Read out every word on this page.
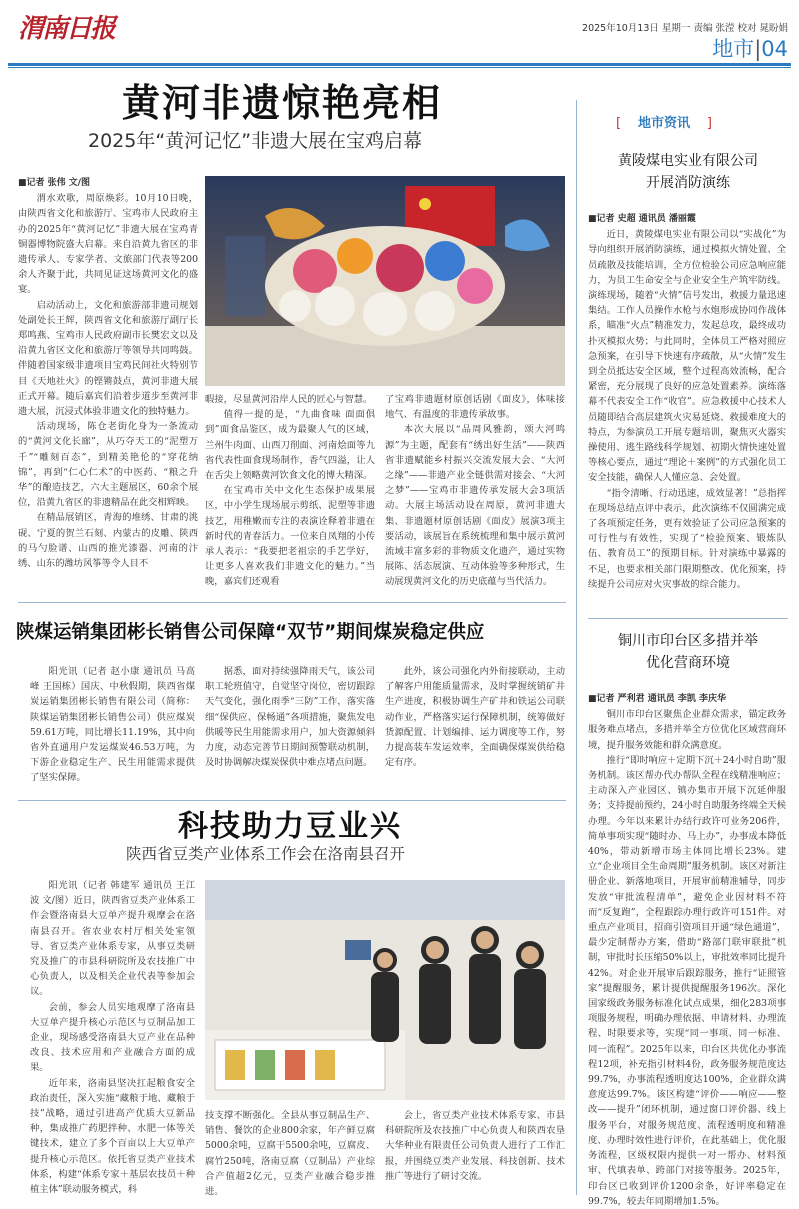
渭南日报	2025年10月13日 星期一 责编 张滢 校对 晁盼娟
地市|04
黄河非遗惊艳亮相
2025年“黄河记忆”非遗大展在宝鸡启幕

■记者 张伟 文/图

渭水欢歌，周原焕彩。10月10日晚，由陕西省文化和旅游厅、宝鸡市人民政府主办的2025年“黄河记忆”非遗大展在宝鸡青铜器博物院盛大启幕。来自沿黄九省区的非遗传承人、专家学者、文旅部门代表等200余人齐聚于此，共同见证这场黄河文化的盛宴。

启动活动上，文化和旅游部非遗司规划处副处长王辉，陕西省文化和旅游厅副厅长郑鸣燕、宝鸡市人民政府副市长樊宏文以及沿黄九省区文化和旅游厅等领导共同鸣鼓。伴随着国家级非遗项目宝鸡民间社火特别节目《天地社火》的铿锵鼓点，黄河非遗大展正式开幕。随后嘉宾们沿着步道步至黄河非遗大展，沉浸式体验非遗文化的独特魅力。

活动现场，陈仓老街化身为一条流动的“黄河文化长廊”，从巧夺天工的“泥塑万千”“雕刻百态”，到精美艳伦的“穿花纳锦”，再到“仁心仁术”的中医药、“粮之升华”的酿造技艺，六大主题展区，60余个展位，沿黄九省区的非遗精品在此交相辉映。

在精品展销区，青海的堆绣、甘肃的洮砚、宁夏的贺兰石刻、内蒙古的皮雕、陕西的马勺脸谱、山西的推光漆器、河南的汴绣、山东的潍坊风筝等令人目不

暇接，尽显黄河沿岸人民的匠心与智慧。

值得一提的是，“九曲食味 面面俱到”面食品鉴区，成为最聚人气的区域，兰州牛肉面、山西刀削面、河南烩面等九省代表性面食现场制作，香气四溢，让人在舌尖上领略黄河饮食文化的博大精深。

在宝鸡市关中文化生态保护成果展区，中小学生现场展示剪纸、泥塑等非遗技艺，用稚嫩而专注的表演诠释着非遗在新时代的青春活力。一位来自凤翔的小传承人表示：“我要把老祖宗的手艺学好，让更多人喜欢我们非遗文化的魅力。”当晚，嘉宾们还观看

了宝鸡非遗题材原创话剧《面皮》，体味接地气、有温度的非遗传承故事。

本次大展以“品周风雅韵，颂大河鸣源”为主题，配套有“绣出好生活”——陕西省非遗赋能乡村振兴交流发展大会、“大河之缘”——非遗产业全链供需对接会、“大河之梦”——宝鸡市非遗传承发展大会3项活动。大展主场活动设在周原，黄河非遗大集、非遗题材原创话剧《面皮》展演3项主要活动，该展旨在系统梳理和集中展示黄河流域丰富多彩的非物质文化遗产，通过实物展陈、活态展演、互动体验等多种形式，生动展现黄河文化的历史底蕴与当代活力。

陕煤运销集团彬长销售公司保障“双节”期间煤炭稳定供应

阳光讯（记者 赵小康 通讯员 马高峰 王国栋）国庆、中秋假期，陕西省煤炭运销集团彬长销售有限公司（简称：陕煤运销集团彬长销售公司）供应煤炭59.61万吨，同比增长11.19%，其中向省外直通用户发运煤炭46.53万吨，为下游企业稳定生产、民生用能需求提供了坚实保障。

据悉，面对持续强降雨天气，该公司职工轮班值守，自觉坚守岗位，密切跟踪天气变化，强化雨季“三防”工作，落实落细“保供应、保畅通”各项措施，聚焦发电供暖等民生用能需求用户，加大资源倾斜力度，动态完善节日期间预警联动机制，及时协调解决煤炭保供中难点堵点问题。

此外，该公司强化内外衔接联动，主动了解客户用能质量需求，及时掌握统销矿井生产进度，积极协调生产矿井和铁运公司联动作业，严格落实运行保障机制，统筹做好货源配置、计划编排、运力调度等工作，努力提高装车发运效率，全面确保煤炭供给稳定有序。

科技助力豆业兴
陕西省豆类产业体系工作会在洛南县召开

阳光讯（记者 韩建军 通讯员 王江波 文/图）近日，陕西省豆类产业体系工作会暨洛南县大豆单产提升观摩会在洛南县召开。省农业农村厅相关处室领导、省豆类产业体系专家，从事豆类研究及推广的市县科研院所及农技推广中心负责人，以及相关企业代表等参加会议。

会前，参会人员实地观摩了洛南县大豆单产提升核心示范区与豆制品加工企业，现场感受洛南县大豆产业在品种改良、技术应用和产业融合方面的成果。

近年来，洛南县坚决扛起粮食安全政治责任，深入实施“藏粮于地、藏粮于技”战略，通过引进高产优质大豆新品种，集成推广药肥拌种、水肥一体等关键技术，建立了多个百亩以上大豆单产提升核心示范区。依托省豆类产业技术体系，构建“体系专家＋基层农技员＋种植主体”联动服务模式，科

技支撑不断强化。全县从事豆制品生产、销售、餐饮的企业800余家，年产鲜豆腐5000余吨，豆腐干5500余吨，豆腐皮、腐竹250吨，洛南豆腐（豆制品）产业综合产值超2亿元，豆类产业融合稳步推进。

会上，省豆类产业技术体系专家、市县科研院所及农技推广中心负责人和陕西农垦大华种业有限责任公司负责人进行了工作汇报，并围绕豆类产业发展、科技创新、技术推广等进行了研讨交流。

[ 地市资讯 ]
黄陵煤电实业有限公司
开展消防演练

■记者 史超 通讯员 潘丽霞

近日，黄陵煤电实业有限公司以“实战化”为导向组织开展消防演练，通过模拟火情处置、全员疏散及技能培训，全方位检验公司应急响应能力，为员工生命安全与企业安全生产筑牢防线。演练现场，随着“火情”信号发出，救援力量迅速集结。工作人员操作水枪与水炮形成协同作战体系，瞄准“火点”精准发力，发起总攻，最终成功扑灭模拟火势；与此同时，全体员工严格对照应急预案，在引导下快速有序疏散，从“火情”发生到全员抵达安全区域，整个过程高效流畅，配合紧密，充分展现了良好的应急处置素养。演练落幕不代表安全工作“收官”。应急救援中心技术人员随即结合高层建筑火灾易延烧、救援难度大的特点，为参演员工开展专题培训，聚焦灭火器实操使用、逃生路线科学规划、初期火情快速处置等核心要点，通过“理论＋案例”的方式强化员工安全技能，确保人人懂应急、会处置。

“指令清晰、行动迅速，成效显著！”总指挥在现场总结点评中表示，此次演练不仅圆满完成了各项预定任务，更有效验证了公司应急预案的可行性与有效性，实现了“检验预案、锻炼队伍、教育员工”的预期目标。针对演练中暴露的不足，也要求相关部门限期整改、优化预案，持续提升公司应对火灾事故的综合能力。

铜川市印台区多措并举
优化营商环境

■记者 严利君 通讯员 李凯 李庆华

铜川市印台区聚焦企业群众需求，锚定政务服务难点堵点，多措并举全方位优化区域营商环境，提升服务效能和群众满意度。

推行“即时响应＋定期下沉＋24小时自助”服务机制。该区帮办代办帮队全程在线精准响应；主动深入产业园区、镇办集市开展下沉延伸服务；支持提前预约，24小时自助服务终端全天候办理。今年以来累计办结行政许可业务206件，简单事项实现“随时办、马上办”，办事成本降低40%，带动新增市场主体同比增长23%。建立“企业项目全生命周期”服务机制。该区对新注册企业、新落地项目，开展审前精准辅导，同步发放“审批流程清单”，避免企业因材料不符而“反复跑”，全程跟踪办理行政许可151件。对重点产业项目，招商引资项目开通“绿色通道”，最少定制帮办方案，借助“路部门联审联批”机制，审批时长压缩50%以上，审批效率同比提升42%。对企业开展审后跟踪服务，推行“证照管家”提醒服务，累计提供提醒服务196次。深化国家级政务服务标准化试点成果，细化283项事项服务规程，明确办理依据、申请材料、办理流程、时限要求等，实现“同一事项、同一标准、同一流程”。2025年以来，印台区共优化办事流程12项，补充指引材料4份，政务服务规范度达99.7%，办事流程透明度达100%，企业群众满意度达99.7%。该区构建“评价——响应——整改——提升”闭环机制，通过窗口评价器、线上服务平台，对服务规范度、流程透明度和精准度、办理时效性进行评价，在此基础上，优化服务流程，区级权限内提供一对一帮办、材料预审、代填表单、跨部门对接等服务。2025年，印台区已收到评价1200余条，好评率稳定在99.7%，较去年同期增加1.5%。
